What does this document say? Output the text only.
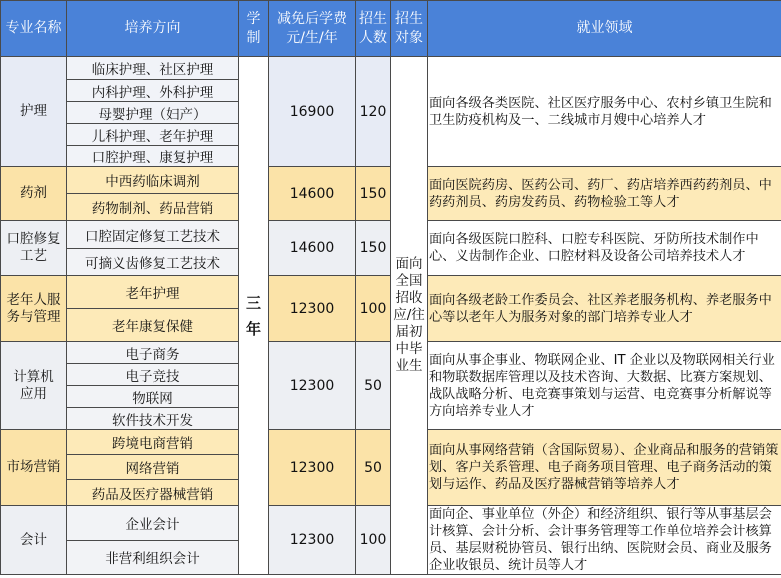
专业名称	培养方向	学制	减免后学费元/生/年	招生人数	招生对象	就业领域
护理	临床护理、社区护理	三年	16900	120	面向全国招收应/往届初中毕业生	面向各级各类医院、社区医疗服务中心、农村乡镇卫生院和卫生防疫机构及一、二线城市月嫂中心培养人才
	内科护理、外科护理					
	母婴护理（妇产）					
	儿科护理、老年护理					
	口腔护理、康复护理					
药剂	中西药临床调剂		14600	150		面向医院药房、医药公司、药厂、药店培养西药药剂员、中药药剂员、药房发药员、药物检验工等人才
	药物制剂、药品营销					
口腔修复工艺	口腔固定修复工艺技术		14600	150		面向各级医院口腔科、口腔专科医院、牙防所技术制作中心、义齿制作企业、口腔材料及设备公司培养技术人才
	可摘义齿修复工艺技术					
老年人服务与管理	老年护理		12300	100		面向各级老龄工作委员会、社区养老服务机构、养老服务中心等以老年人为服务对象的部门培养专业人才
	老年康复保健					
计算机应用	电子商务		12300	50		面向从事企事业、物联网企业、IT 企业以及物联网相关行业和物联数据库管理以及技术咨询、大数据、比赛方案规划、战队战略分析、电竞赛事策划与运营、电竞赛事分析解说等方向培养专业人才
	电子竞技					
	物联网					
	软件技术开发					
市场营销	跨境电商营销		12300	50		面向从事网络营销（含国际贸易）、企业商品和服务的营销策划、客户关系管理、电子商务项目管理、电子商务活动的策划与运作、药品及医疗器械营销等培养人才
	网络营销					
	药品及医疗器械营销					
会计	企业会计		12300	100		面向企、事业单位（外企）和经济组织、银行等从事基层会计核算、会计分析、会计事务管理等工作单位培养会计核算员、基层财税协管员、银行出纳、医院财会员、商业及服务企业收银员、统计员等人才
	非营利组织会计					
